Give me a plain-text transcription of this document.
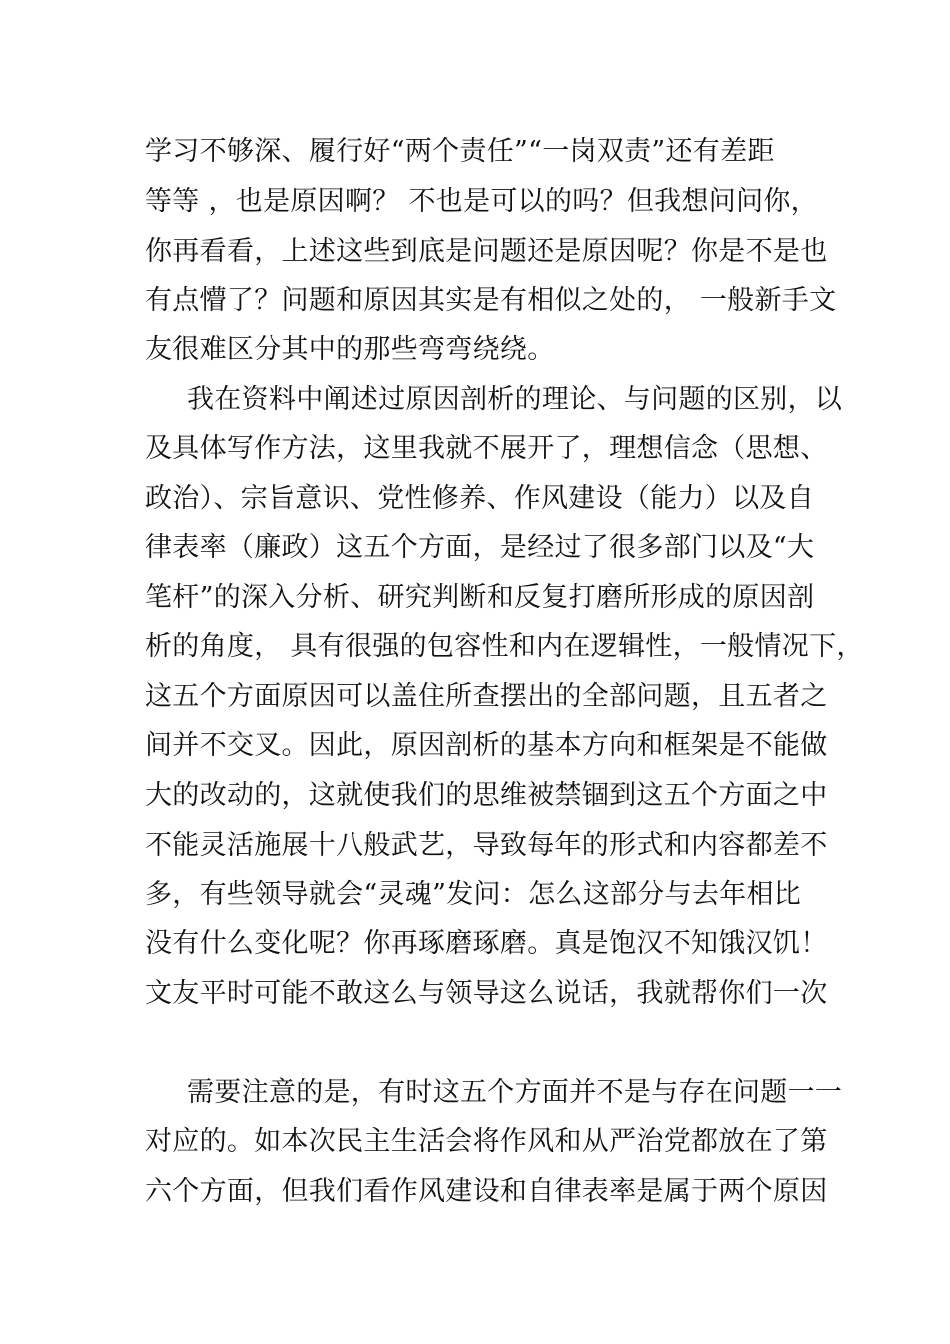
学习不够深、履行好“两个责任”“一岗双责”还有差距
等等 ，也是原因啊？ 不也是可以的吗？但我想问问你，
你再看看，上述这些到底是问题还是原因呢？你是不是也
有点懵了？问题和原因其实是有相似之处的， 一般新手文
友很难区分其中的那些弯弯绕绕。
我在资料中阐述过原因剖析的理论、与问题的区别，以
及具体写作方法，这里我就不展开了，理想信念（思想、
政治）、宗旨意识、党性修养、作风建设（能力）以及自
律表率（廉政）这五个方面，是经过了很多部门以及“大
笔杆”的深入分析、研究判断和反复打磨所形成的原因剖
析的角度， 具有很强的包容性和内在逻辑性，一般情况下，
这五个方面原因可以盖住所查摆出的全部问题，且五者之
间并不交叉。因此，原因剖析的基本方向和框架是不能做
大的改动的，这就使我们的思维被禁锢到这五个方面之中
不能灵活施展十八般武艺，导致每年的形式和内容都差不
多，有些领导就会“灵魂”发问：怎么这部分与去年相比
没有什么变化呢？你再琢磨琢磨。真是饱汉不知饿汉饥！
文友平时可能不敢这么与领导这么说话，我就帮你们一次
需要注意的是，有时这五个方面并不是与存在问题一一
对应的。如本次民主生活会将作风和从严治党都放在了第
六个方面，但我们看作风建设和自律表率是属于两个原因
